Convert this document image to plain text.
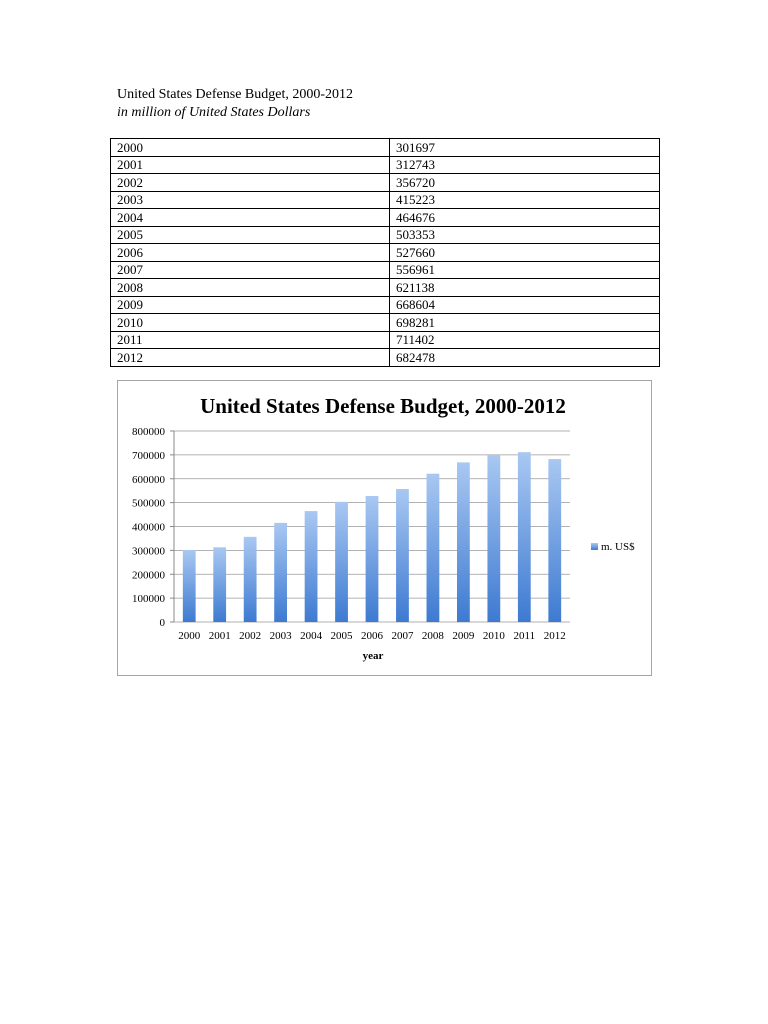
United States Defense Budget, 2000-2012
in million of United States Dollars
2000	301697
2001	312743
2002	356720
2003	415223
2004	464676
2005	503353
2006	527660
2007	556961
2008	621138
2009	668604
2010	698281
2011	711402
2012	682478
United States Defense Budget, 2000-2012
0
100000
200000
300000
400000
500000
600000
700000
800000
2000 2001 2002 2003 2004 2005 2006 2007 2008 2009 2010 2011 2012
year
m. US$
